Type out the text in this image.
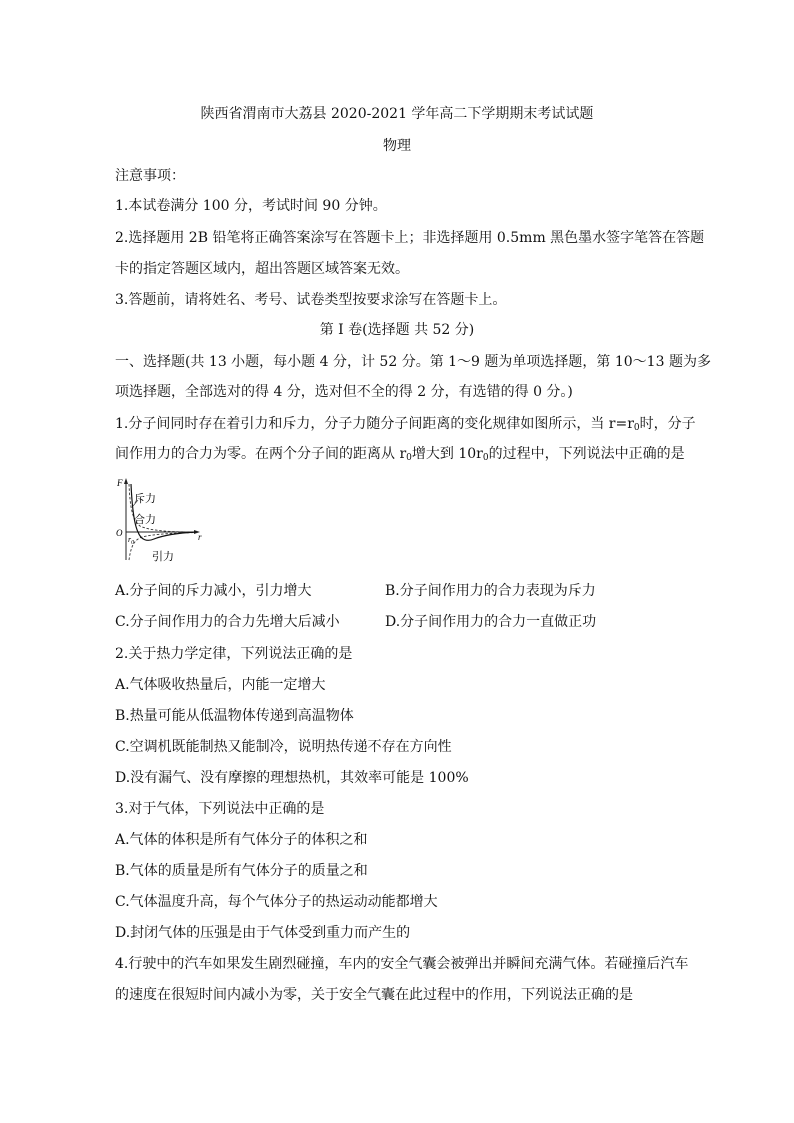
陕西省渭南市大荔县 2020-2021 学年高二下学期期末考试试题
物理
注意事项：
1.本试卷满分 100 分，考试时间 90 分钟。
2.选择题用 2B 铅笔将正确答案涂写在答题卡上；非选择题用 0.5mm 黑色墨水签字笔答在答题
卡的指定答题区域内，超出答题区域答案无效。
3.答题前，请将姓名、考号、试卷类型按要求涂写在答题卡上。
第 I 卷(选择题 共 52 分)
一、选择题(共 13 小题，每小题 4 分，计 52 分。第 1～9 题为单项选择题，第 10～13 题为多
项选择题，全部选对的得 4 分，选对但不全的得 2 分，有选错的得 0 分。)
1.分子间同时存在着引力和斥力，分子力随分子间距离的变化规律如图所示，当 $r=r_0$时，分子
间作用力的合力为零。在两个分子间的距离从 $r_0$增大到 $10r_0$的过程中，下列说法中正确的是
F
r
O
$r_0$
斥力
合力
引力
A.分子间的斥力减小，引力增大	B.分子间作用力的合力表现为斥力
C.分子间作用力的合力先增大后减小	D.分子间作用力的合力一直做正功
2.关于热力学定律，下列说法正确的是
A.气体吸收热量后，内能一定增大
B.热量可能从低温物体传递到高温物体
C.空调机既能制热又能制冷，说明热传递不存在方向性
D.没有漏气、没有摩擦的理想热机，其效率可能是 100%
3.对于气体，下列说法中正确的是
A.气体的体积是所有气体分子的体积之和
B.气体的质量是所有气体分子的质量之和
C.气体温度升高，每个气体分子的热运动动能都增大
D.封闭气体的压强是由于气体受到重力而产生的
4.行驶中的汽车如果发生剧烈碰撞，车内的安全气囊会被弹出并瞬间充满气体。若碰撞后汽车
的速度在很短时间内减小为零，关于安全气囊在此过程中的作用，下列说法正确的是
